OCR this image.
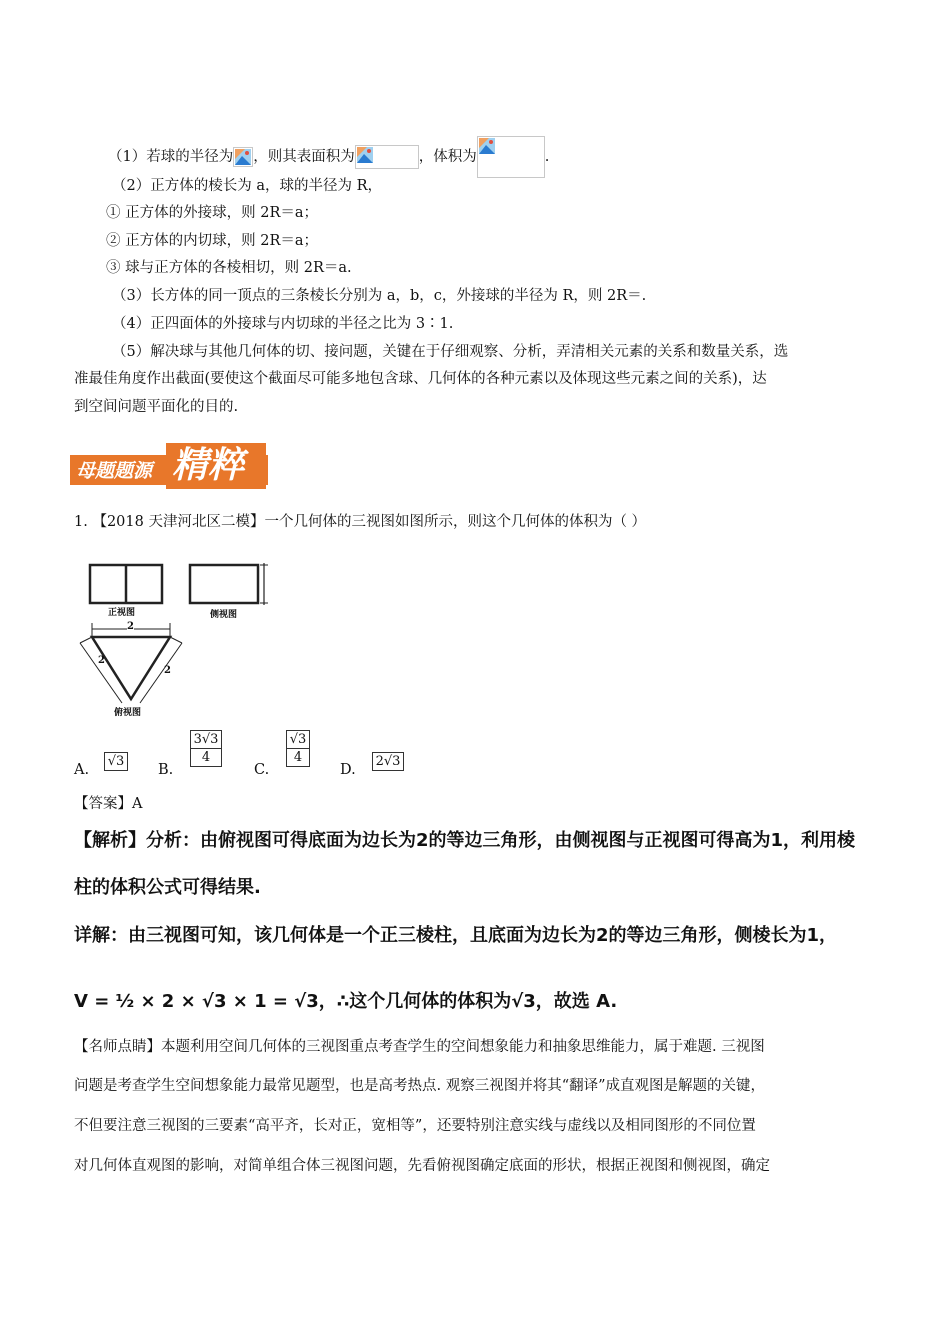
（1）若球的半径为 ，则其表面积为	，体积为	.
（2）正方体的棱长为 a，球的半径为 R，
① 正方体的外接球，则 2R＝a；
② 正方体的内切球，则 2R＝a；
③ 球与正方体的各棱相切，则 2R＝a.
（3）长方体的同一顶点的三条棱长分别为 a，b，c，外接球的半径为 R，则 2R＝.
（4）正四面体的外接球与内切球的半径之比为 3∶1.
（5）解决球与其他几何体的切、接问题，关键在于仔细观察、分析，弄清相关元素的关系和数量关系，选
准最佳角度作出截面(要使这个截面尽可能多地包含球、几何体的各种元素以及体现这些元素之间的关系)，达
到空间问题平面化的目的.
母题题源 精粹
1. 【2018 天津河北区二模】一个几何体的三视图如图所示，则这个几何体的体积为（ ）
正视图	侧视图
俯视图
2
2
2
A.
√3
B.
$\frac{3√3}{4}$
C.
$\frac{√3}{4}$
D.
2√3
【答案】A
【解析】分析：由俯视图可得底面为边长为2的等边三角形，由侧视图与正视图可得高为1，利用棱
柱的体积公式可得结果.
详解：由三视图可知，该几何体是一个正三棱柱，且底面为边长为2的等边三角形，侧棱长为1，
V = ½ × 2 × √3 × 1 = √3，∴这个几何体的体积为√3，故选 A.
【名师点睛】本题利用空间几何体的三视图重点考查学生的空间想象能力和抽象思维能力，属于难题. 三视图
问题是考查学生空间想象能力最常见题型，也是高考热点. 观察三视图并将其“翻译”成直观图是解题的关键，
不但要注意三视图的三要素“高平齐，长对正，宽相等”，还要特别注意实线与虚线以及相同图形的不同位置
对几何体直观图的影响，对简单组合体三视图问题，先看俯视图确定底面的形状，根据正视图和侧视图，确定
